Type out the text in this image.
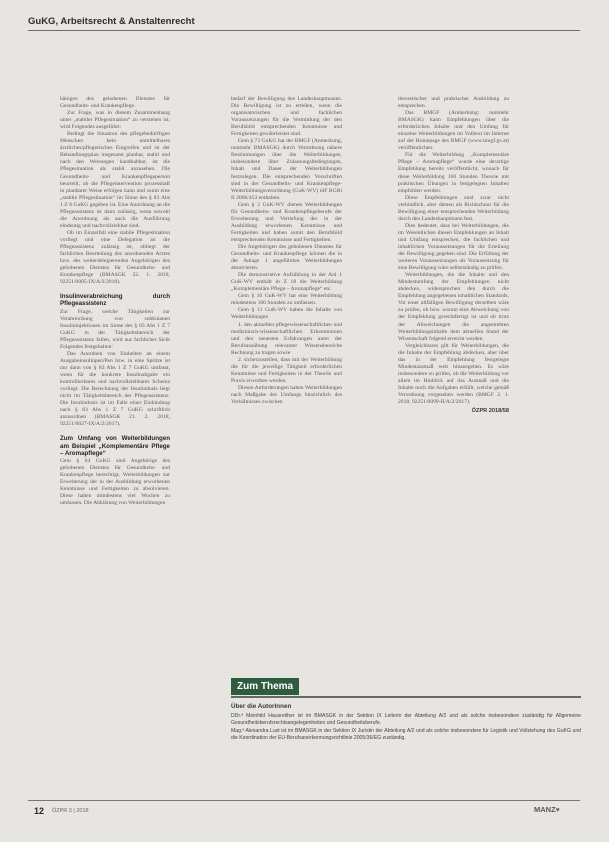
GuKG, Arbeitsrecht & Anstaltenrecht

hänigen des gehobenen Dienstes für Gesundheits- und Krankenpflege.

Zur Frage, was in diesem Zusammenhang unter „stabiler Pflegesituation“ zu verstehen ist, wird Folgendes ausgeführt:

Bedingt die Situation des pflegebedürftigen Menschen kein unmittelbares ärztliches/pflegerisches Eingreifen und ist der Behandlungsplan insgesamt planbar, stabil und nach den Weisungen handhabbar, ist die Pflegesituation als stabil anzusehen. Die Gesundheits- und Krankenpflegeperson beurteilt, ob die Pflegeintervention prozesshaft in planbarer Weise erfolgen kann und somit eine „stabile Pflegesituation“ im Sinne des § 83 Abs 1 Z 8 GuKG gegeben ist. Eine Anordnung an die Pflegeassistenz ist dann zulässig, wenn sowohl die Anordnung als auch die Ausführung eindeutig und nachvollziehbar sind.

Ob im Einzelfall eine stabile Pflegesituation vorliegt und eine Delegation an die Pflegeassistenz zulässig ist, obliegt der fachlichen Beurteilung des anordnenden Arztes bzw. des weiterdelegierenden Angehörigen des gehobenen Dienstes für Gesundheits- und Krankenpflege (BMASGK 22. 1. 2018, 92251/0005-IX/A/2/2018).

Insulinverabreichung durch Pflegeassistenz

Zur Frage, welche Tätigkeiten zur Verabreichung von subkutanen Insulininjektionen im Sinne des § 83 Abs 1 Z 7 GuKG in der Tätigkeitsbereich der Pflegeassistenz fallen, wird aus fachlicher Sicht Folgendes festgehalten:

Das Anordnen von Einheiten an einem Ausgabeinsulinpen/Pen bzw. in eine Spritze ist nur dann von § 83 Abs 1 Z 7 GuKG umfasst, wenn für die konkrete Insulinabgabe ein kontrollierbares und nachvollziehbares Schema vorliegt. Die Berechnung der Insulindosis liegt nicht im Tätigkeitsbereich der Pflegeassistenz. Die Insulindosis ist im Falle einer Einbindung nach § 83 Abs 1 Z 7 GuKG schriftlich anzuordnen (BMASGK 21. 2. 2018, 92251/0027-IX/A/2/2017).

Zum Umfang von Weiterbildungen am Beispiel „Komplementäre Pflege – Aromapflege“

Gem § 64 GuKG sind Angehörige des gehobenen Dienstes für Gesundheits- und Krankenpflege berechtigt, Weiterbildungen zur Erweiterung der in der Ausbildung erworbenen Kenntnisse und Fertigkeiten zu absolvieren. Diese haben mindestens vier Wochen zu umfassen. Die Abklärung von Weiterbildungen

bedarf der Bewilligung des Landeshauptmanns. Die Bewilligung ist zu erteilen, wenn die organisatorischen und fachlichen Voraussetzungen für die Vermittlung der den Berufsbild entsprechenden Kenntnisse und Fertigkeiten gewährleistet sind.

Gem § 73 GuKG hat der BMGF (Anmerkung, nunmehr BMASGK) durch Verordnung nähere Bestimmungen über die Weiterbildungen, insbesondere über Zulassungsbedingungen, Inhalt und Dauer der Weiterbildungen festzulegen. Die entsprechenden Vorschriften sind in der Gesundheits- und Krankenpflege-Weiterbildungsverordnung (GuK-WV) idF BGBl II 2006/453 enthalten.

Gem § 2 GuK-WV dienen Weiterbildungen für Gesundheits- und Krankenpflegeberufe der Erweiterung und Vertiefung der in der Ausbildung erworbenen Kenntnisse und Fertigkeiten und haben somit den Berufsbild entsprechenden Kenntnisse und Fertigkeiten.

Die Angehörigen des gehobenen Dienstes für Gesundheits- und Krankenpflege können die in der Anlage 1 angeführten Weiterbildungen absolvieren.

Die demonstrative Aufzählung in der Anl 1 GuK-WV enthält in Z 18 die Weiterbildung „Komplementäre Pflege – Aromapflege“ etc.

Gem § 10 GuK-WV hat eine Weiterbildung mindestens 160 Stunden zu umfassen.

Gem § 11 GuK-WV haben die Inhalte von Weiterbildungen

1. den aktuellen pflegewissenschaftlichen und medizinisch-wissenschaftlichen Erkenntnissen und den neuesten Erfahrungen unter der Berufsausübung relevanter Wissensbereiche Rechnung zu tragen sowie

2. sicherzustellen, dass mit der Weiterbildung die für die jeweilige Tätigkeit erforderlichen Kenntnisse und Fertigkeiten in der Theorie und Praxis erworben werden.

Diesen Anforderungen haben Weiterbildungen nach Maßgabe des Umfangs hinsichtlich des Verhältnisses zwischen

theoretischer und praktischer Ausbildung zu entsprechen.

Das BMGF (Anmerkung: nunmehr BMASGK) kann Empfehlungen über die erforderlichen Inhalte und den Umfang für einzelne Weiterbildungen im Volltext im Internet auf der Homepage des BMGF (www.bmgf.gv.at) veröffentlichen.

Für die Weiterbildung „Komplementäre Pflege – Aromapflege“ wurde eine derartige Empfehlung bereits veröffentlicht, wonach für diese Weiterbildung 160 Stunden Theorie mit praktischen Übungen in festgelegten Inhalten empfohlen werden.

Diese Empfehlungen sind zwar nicht verbindlich, aber dienen als Richtschnur für die Bewilligung einer entsprechenden Weiterbildung durch den Landeshauptmann fest.

Dies bedeutet, dass bei Weiterbildungen, die im Wesentlichen diesen Empfehlungen an Inhalt und Umfang entsprechen, die fachlichen und inhaltlichen Voraussetzungen für die Erteilung der Bewilligung gegeben sind. Die Erfüllung der weiteren Voraussetzungen als Voraussetzung für eine Bewilligung wäre selbstständig zu prüfen.

Weiterbildungen, die die Inhalte und den Mindestumfang der Empfehlungen nicht abdecken, widersprechen den durch die Empfehlung angegebenen inhaltlichen Standards. Vor einer allfälligen Bewilligung derselben wäre zu prüfen, ob bzw. warum eine Abweichung von der Empfehlung gerechtfertigt ist und ob trotz der Abweichungen die angestrebten Weiterbildungsinhalte dem aktuellen Stand der Wissenschaft folgend erreicht werden.

Vergleichbares gilt für Weiterbildungen, die die Inhalte der Empfehlung abdecken, aber über das in der Empfehlung festgelegte Mindestausmaß weit hinausgehen. Es wäre insbesondere zu prüfen, ob die Weiterbildung vor allem im Hinblick auf das Ausmaß und die Inhalte noch die Aufgaben erfüllt, welche gemäß Verordnung vorgesehen werden (BMGF 2. 1. 2018, 92251/0099-II/A/2/2017).

ÖZPR 2018/58
Zum Thema
Über die AutorInnen

DDr.ª Meinhild Hausreither ist im BMASGK in der Sektion IX Leiterin der Abteilung A/2 und als solche insbesondere zuständig für Allgemeine Gesundheitsberufsrechtsangelegenheiten und Gesundheitsberufe.

Mag.ª Alexandra Lust ist im BMASGK in der Sektion IX Juristin der Abteilung A/2 und als solche insbesondere für Legistik und Vollziehung des GuKG und die Koordination der EU-Berufsanerkennungsrichtlinie 2005/36/EG zuständig.

12 ÖZPR 3 | 2018	MANZ♥
